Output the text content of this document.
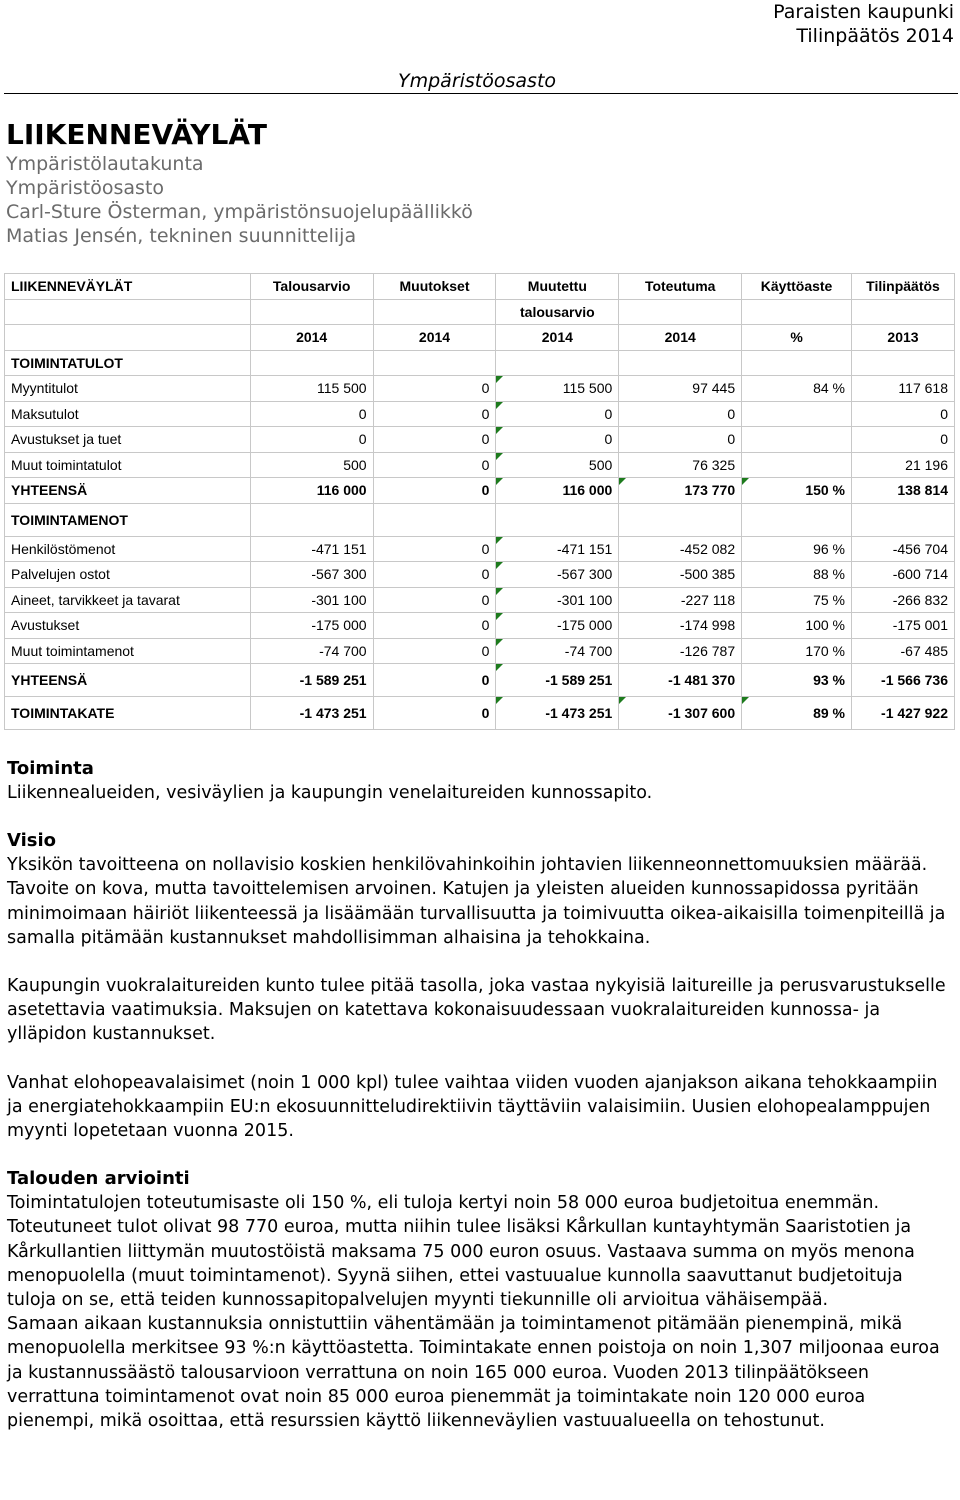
Paraisten kaupunki
Tilinpäätös 2014
Ympäristöosasto
LIIKENNEVÄYLÄT
Ympäristölautakunta
Ympäristöosasto
Carl-Sture Österman, ympäristönsuojelupäällikkö
Matias Jensén, tekninen suunnittelija
LIIKENNEVÄYLÄT	Talousarvio	Muutokset	Muutettu	Toteutuma	Käyttöaste	Tilinpäätös
			talousarvio			
	2014	2014	2014	2014	%	2013
TOIMINTATULOT						
Myyntitulot	115 500	0	115 500	97 445	84 %	117 618
Maksutulot	0	0	0	0		0
Avustukset ja tuet	0	0	0	0		0
Muut toimintatulot	500	0	500	76 325		21 196
YHTEENSÄ	116 000	0	116 000	173 770	150 %	138 814
TOIMINTAMENOT						
Henkilöstömenot	-471 151	0	-471 151	-452 082	96 %	-456 704
Palvelujen ostot	-567 300	0	-567 300	-500 385	88 %	-600 714
Aineet, tarvikkeet ja tavarat	-301 100	0	-301 100	-227 118	75 %	-266 832
Avustukset	-175 000	0	-175 000	-174 998	100 %	-175 001
Muut toimintamenot	-74 700	0	-74 700	-126 787	170 %	-67 485
YHTEENSÄ	-1 589 251	0	-1 589 251	-1 481 370	93 %	-1 566 736
TOIMINTAKATE	-1 473 251	0	-1 473 251	-1 307 600	89 %	-1 427 922
Toiminta

Liikennealueiden, vesiväylien ja kaupungin venelaitureiden kunnossapito.

Visio

Yksikön tavoitteena on nollavisio koskien henkilövahinkoihin johtavien liikenneonnettomuuksien määrää. Tavoite on kova, mutta tavoittelemisen arvoinen. Katujen ja yleisten alueiden kunnossapidossa pyritään minimoimaan häiriöt liikenteessä ja lisäämään turvallisuutta ja toimivuutta oikea-aikaisilla toimenpiteillä ja samalla pitämään kustannukset mahdollisimman alhaisina ja tehokkaina.

Kaupungin vuokralaitureiden kunto tulee pitää tasolla, joka vastaa nykyisiä laitureille ja perusvarustukselle asetettavia vaatimuksia. Maksujen on katettava kokonaisuudessaan vuokralaitureiden kunnossa- ja ylläpidon kustannukset.

Vanhat elohopeavalaisimet (noin 1 000 kpl) tulee vaihtaa viiden vuoden ajanjakson aikana tehokkaampiin ja energiatehokkaampiin EU:n ekosuunnitteludirektiivin täyttäviin valaisimiin. Uusien elohopealamppujen myynti lopetetaan vuonna 2015.

Talouden arviointi

Toimintatulojen toteutumisaste oli 150 %, eli tuloja kertyi noin 58 000 euroa budjetoitua enemmän. Toteutuneet tulot olivat 98 770 euroa, mutta niihin tulee lisäksi Kårkullan kuntayhtymän Saaristotien ja Kårkullantien liittymän muutostöistä maksama 75 000 euron osuus. Vastaava summa on myös menona menopuolella (muut toimintamenot). Syynä siihen, ettei vastuualue kunnolla saavuttanut budjetoituja tuloja on se, että teiden kunnossapitopalvelujen myynti tiekunnille oli arvioitua vähäisempää.

Samaan aikaan kustannuksia onnistuttiin vähentämään ja toimintamenot pitämään pienempinä, mikä menopuolella merkitsee 93 %:n käyttöastetta. Toimintakate ennen poistoja on noin 1,307 miljoonaa euroa ja kustannussäästö talousarvioon verrattuna on noin 165 000 euroa. Vuoden 2013 tilinpäätökseen verrattuna toimintamenot ovat noin 85 000 euroa pienemmät ja toimintakate noin 120 000 euroa pienempi, mikä osoittaa, että resurssien käyttö liikenneväylien vastuualueella on tehostunut.
